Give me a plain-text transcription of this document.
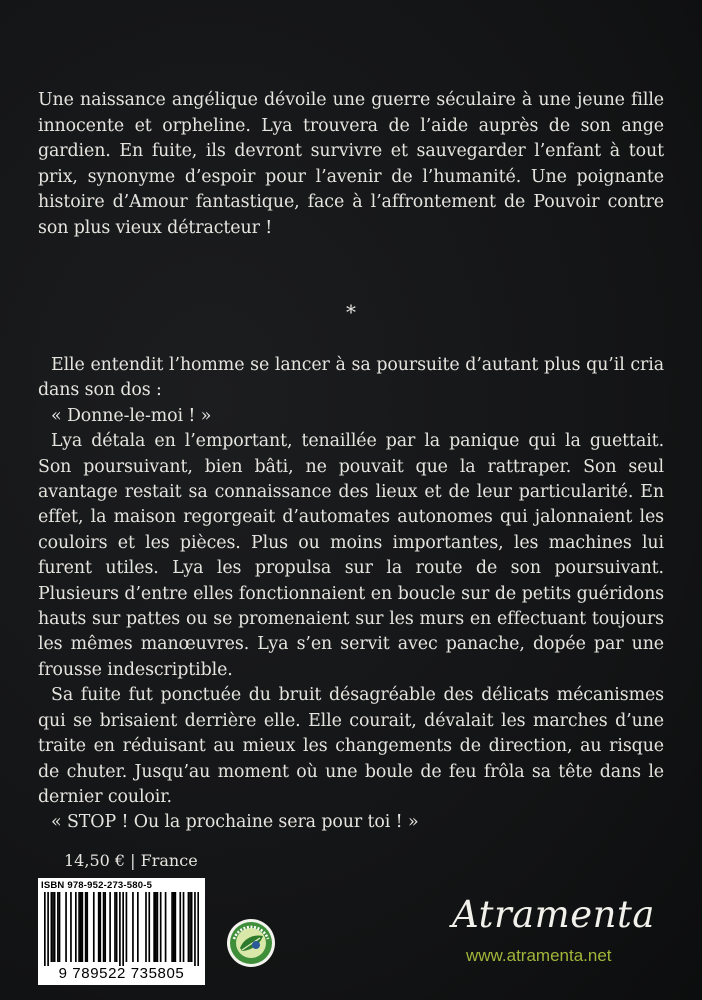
Une naissance angélique dévoile une guerre séculaire à une jeune fille innocente et orpheline. Lya trouvera de l’aide auprès de son ange gardien. En fuite, ils devront survivre et sauvegarder l’enfant à tout prix, synonyme d’espoir pour l’avenir de l’humanité. Une poignante histoire d’Amour fantastique, face à l’affrontement de Pouvoir contre son plus vieux détracteur !

*

Elle entendit l’homme se lancer à sa poursuite d’autant plus qu’il cria dans son dos :

« Donne-le-moi ! »

Lya détala en l’emportant, tenaillée par la panique qui la guettait. Son poursuivant, bien bâti, ne pouvait que la rattraper. Son seul avantage restait sa connaissance des lieux et de leur particularité. En effet, la maison regorgeait d’automates autonomes qui jalonnaient les couloirs et les pièces. Plus ou moins importantes, les machines lui furent utiles. Lya les propulsa sur la route de son poursuivant. Plusieurs d’entre elles fonctionnaient en boucle sur de petits guéridons hauts sur pattes ou se promenaient sur les murs en effectuant toujours les mêmes manœuvres. Lya s’en servit avec panache, dopée par une frousse indescriptible.

Sa fuite fut ponctuée du bruit désagréable des délicats mécanismes qui se brisaient derrière elle. Elle courait, dévalait les marches d’une traite en réduisant au mieux les changements de direction, au risque de chuter. Jusqu’au moment où une boule de feu frôla sa tête dans le dernier couloir.

« STOP ! Ou la prochaine sera pour toi ! »

14,50 € | France
ISBN 978-952-273-580-5
9 789522 735805
Atramenta
www.atramenta.net
